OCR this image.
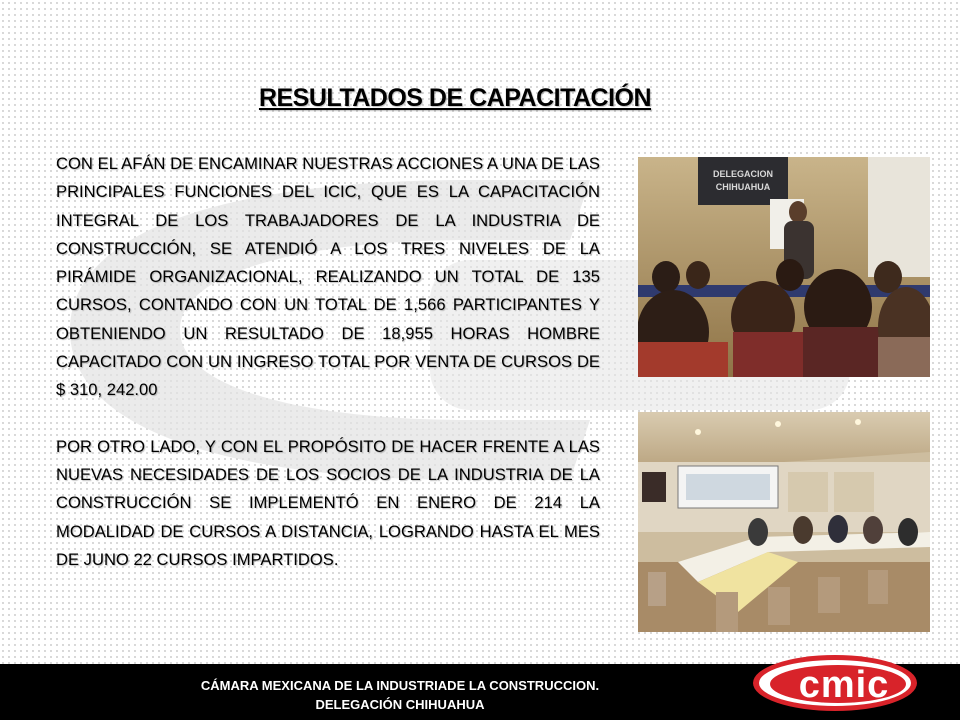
RESULTADOS DE CAPACITACIÓN

CON EL AFÁN DE ENCAMINAR NUESTRAS ACCIONES A UNA DE LAS PRINCIPALES FUNCIONES DEL ICIC, QUE ES LA CAPACITACIÓN INTEGRAL DE LOS TRABAJADORES DE LA INDUSTRIA DE CONSTRUCCIÓN, SE ATENDIÓ A LOS TRES NIVELES DE LA PIRÁMIDE ORGANIZACIONAL, REALIZANDO UN TOTAL DE 135 CURSOS, CONTANDO CON UN TOTAL DE 1,566 PARTICIPANTES Y OBTENIENDO UN RESULTADO DE 18,955 HORAS HOMBRE CAPACITADO CON UN INGRESO TOTAL POR VENTA DE CURSOS DE $ 310, 242.00

POR OTRO LADO, Y CON EL PROPÓSITO DE HACER FRENTE A LAS NUEVAS NECESIDADES DE LOS SOCIOS DE LA INDUSTRIA DE LA CONSTRUCCIÓN SE IMPLEMENTÓ EN ENERO DE 214 LA MODALIDAD DE CURSOS A DISTANCIA, LOGRANDO HASTA EL MES DE JUNO 22 CURSOS IMPARTIDOS.

DELEGACION
CHIHUAHUA
CÁMARA MEXICANA DE LA INDUSTRIADE LA CONSTRUCCION.
DELEGACIÓN CHIHUAHUA	cmic
